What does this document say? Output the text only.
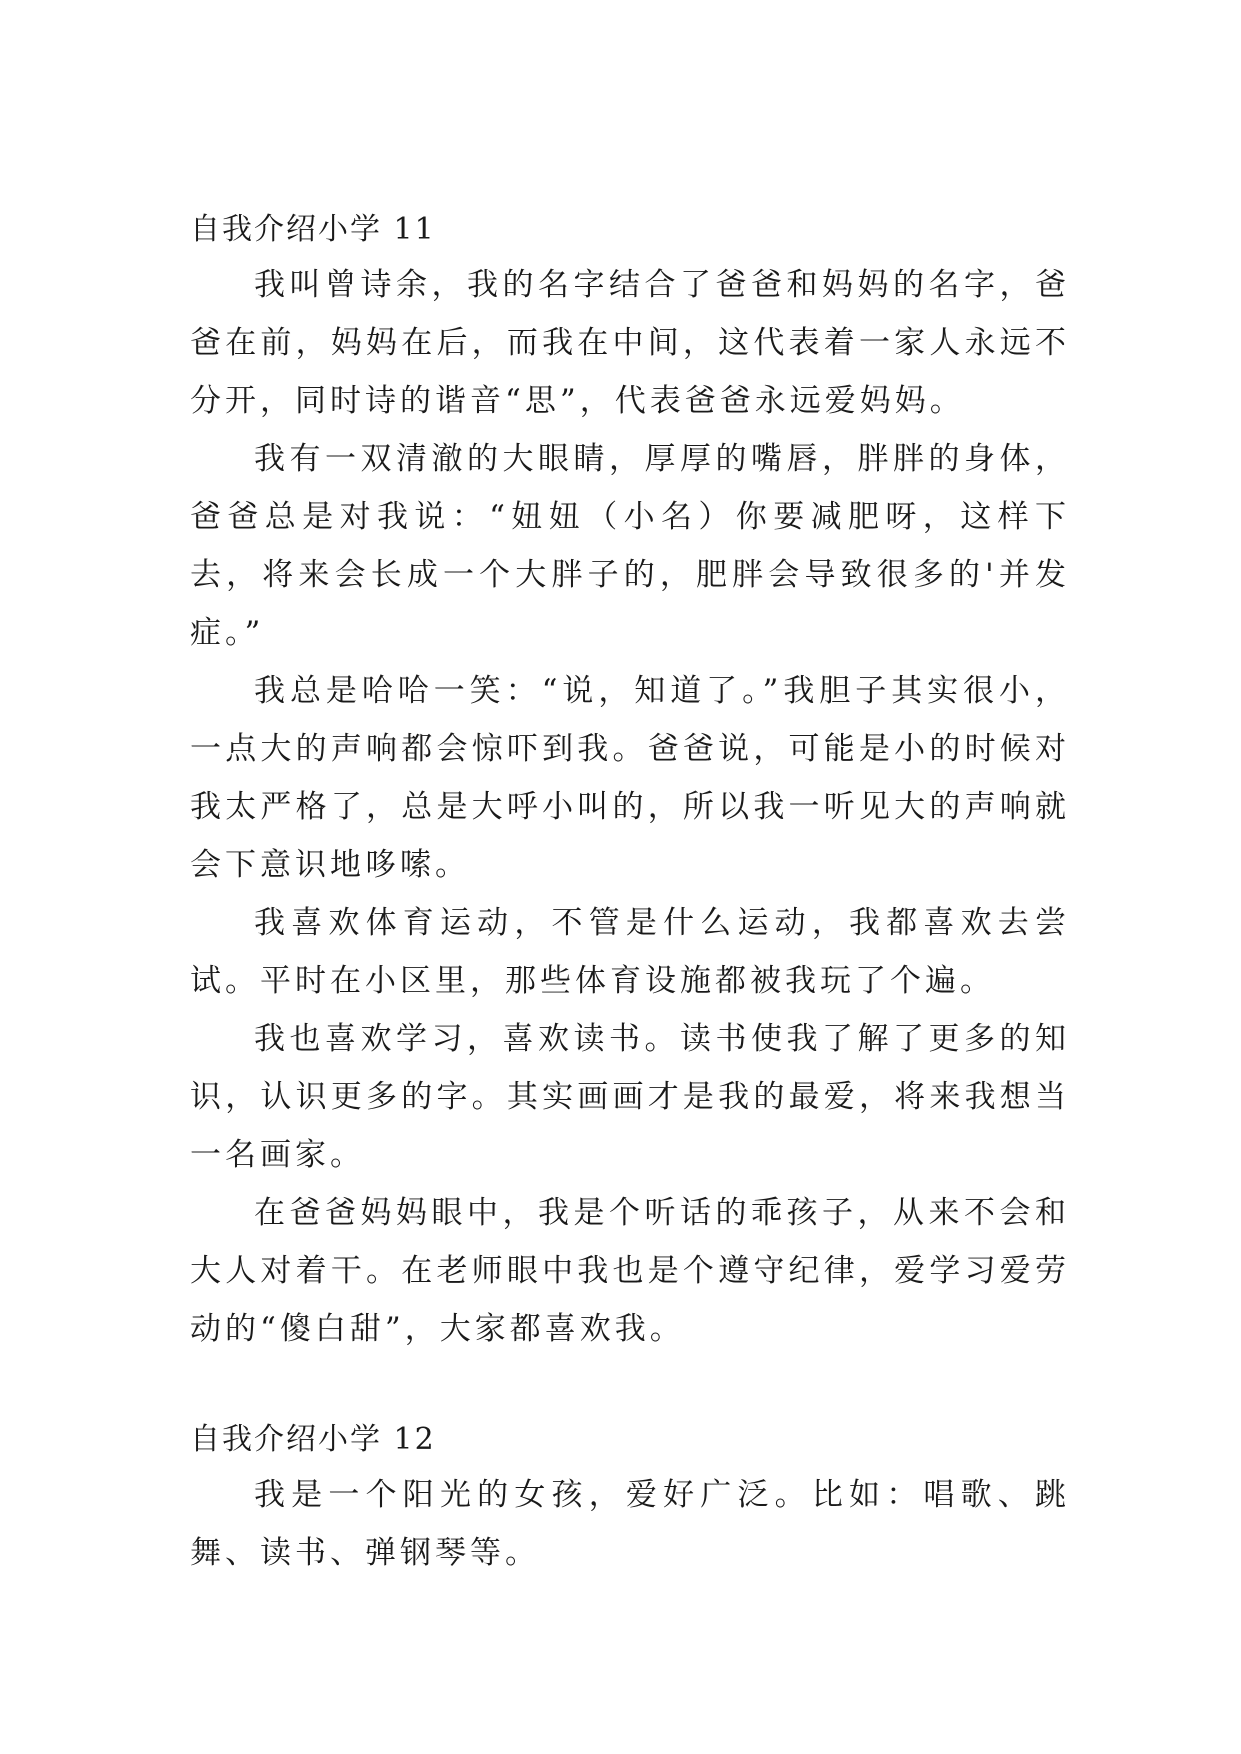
自我介绍小学 11

我叫曾诗余，我的名字结合了爸爸和妈妈的名字，爸爸在前，妈妈在后，而我在中间，这代表着一家人永远不分开，同时诗的谐音“思”，代表爸爸永远爱妈妈。

我有一双清澈的大眼睛，厚厚的嘴唇，胖胖的身体，爸爸总是对我说：“妞妞（小名）你要减肥呀，这样下去，将来会长成一个大胖子的，肥胖会导致很多的'并发症。”

我总是哈哈一笑：“说，知道了。”我胆子其实很小，一点大的声响都会惊吓到我。爸爸说，可能是小的时候对我太严格了，总是大呼小叫的，所以我一听见大的声响就会下意识地哆嗦。

我喜欢体育运动，不管是什么运动，我都喜欢去尝试。平时在小区里，那些体育设施都被我玩了个遍。

我也喜欢学习，喜欢读书。读书使我了解了更多的知识，认识更多的字。其实画画才是我的最爱，将来我想当一名画家。

在爸爸妈妈眼中，我是个听话的乖孩子，从来不会和大人对着干。在老师眼中我也是个遵守纪律，爱学习爱劳动的“傻白甜”，大家都喜欢我。

自我介绍小学 12

我是一个阳光的女孩，爱好广泛。比如：唱歌、跳舞、读书、弹钢琴等。
